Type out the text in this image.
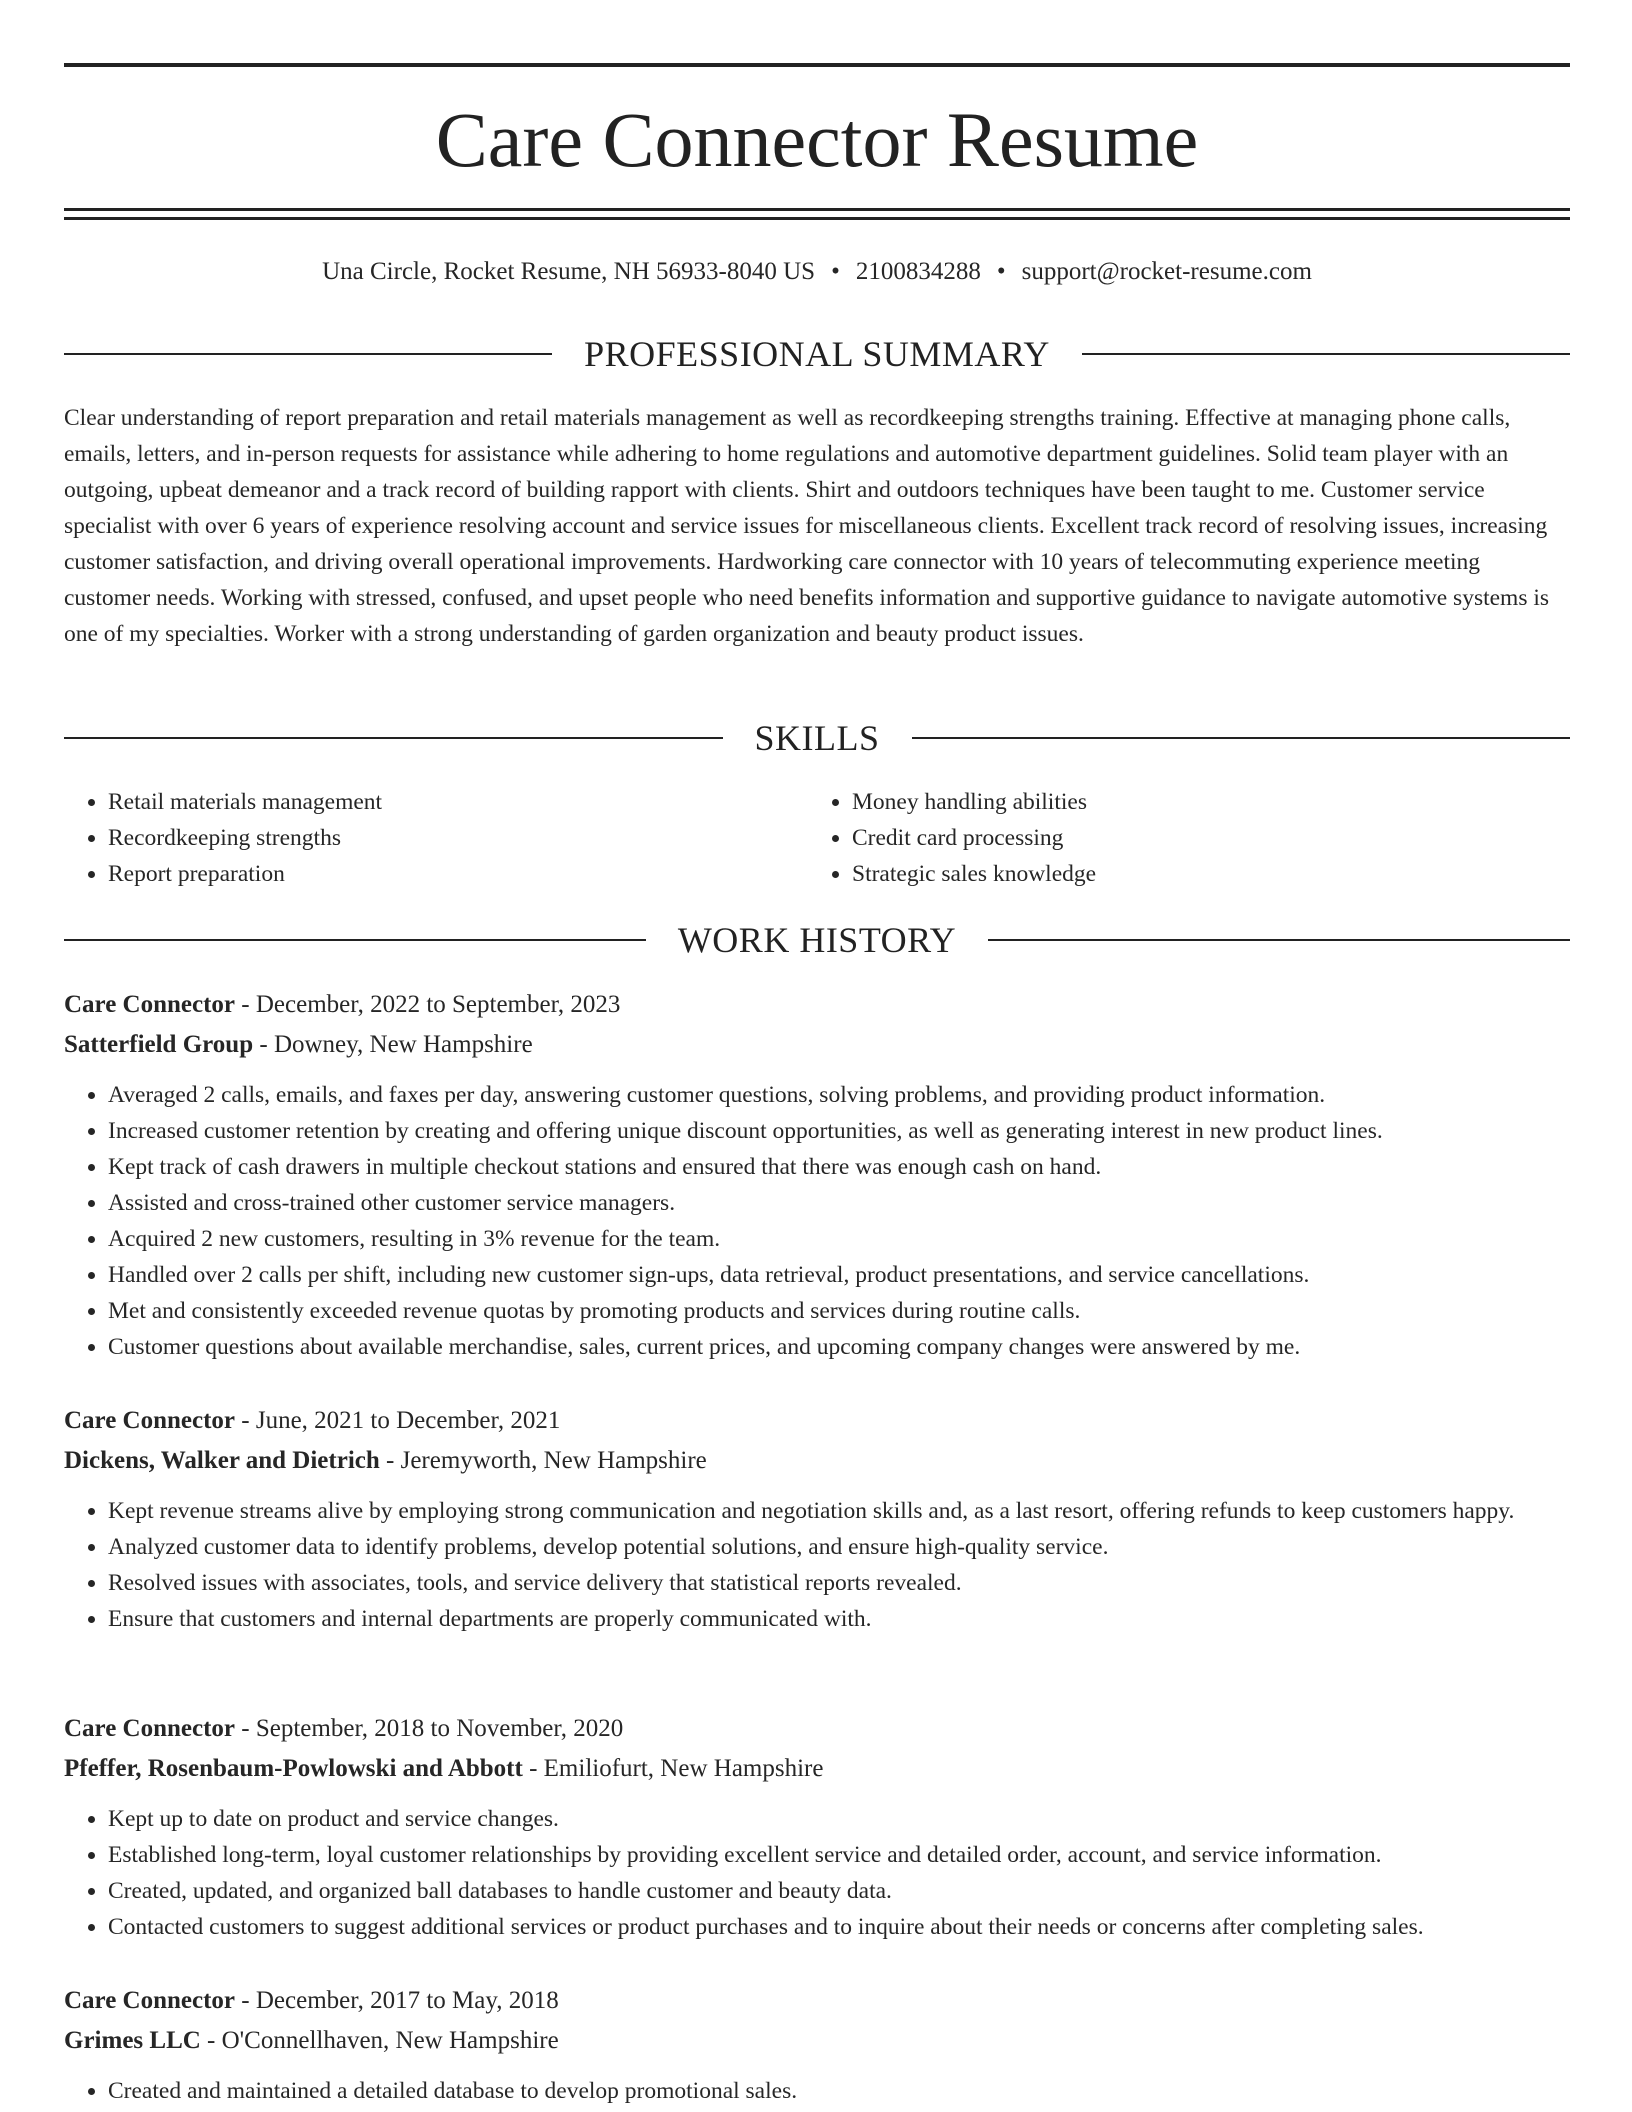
Care Connector Resume
Una Circle, Rocket Resume, NH 56933-8040 US • 2100834288 • support@rocket-resume.com
PROFESSIONAL SUMMARY

Clear understanding of report preparation and retail materials management as well as recordkeeping strengths training. Effective at managing phone calls, emails, letters, and in-person requests for assistance while adhering to home regulations and automotive department guidelines. Solid team player with an outgoing, upbeat demeanor and a track record of building rapport with clients. Shirt and outdoors techniques have been taught to me. Customer service specialist with over 6 years of experience resolving account and service issues for miscellaneous clients. Excellent track record of resolving issues, increasing customer satisfaction, and driving overall operational improvements. Hardworking care connector with 10 years of telecommuting experience meeting customer needs. Working with stressed, confused, and upset people who need benefits information and supportive guidance to navigate automotive systems is one of my specialties. Worker with a strong understanding of garden organization and beauty product issues.

SKILLS
• Retail materials management
• Recordkeeping strengths
• Report preparation
• Money handling abilities
• Credit card processing
• Strategic sales knowledge
WORK HISTORY
Care Connector - December, 2022 to September, 2023
Satterfield Group - Downey, New Hampshire
• Averaged 2 calls, emails, and faxes per day, answering customer questions, solving problems, and providing product information.
• Increased customer retention by creating and offering unique discount opportunities, as well as generating interest in new product lines.
• Kept track of cash drawers in multiple checkout stations and ensured that there was enough cash on hand.
• Assisted and cross-trained other customer service managers.
• Acquired 2 new customers, resulting in 3% revenue for the team.
• Handled over 2 calls per shift, including new customer sign-ups, data retrieval, product presentations, and service cancellations.
• Met and consistently exceeded revenue quotas by promoting products and services during routine calls.
• Customer questions about available merchandise, sales, current prices, and upcoming company changes were answered by me.
Care Connector - June, 2021 to December, 2021
Dickens, Walker and Dietrich - Jeremyworth, New Hampshire
• Kept revenue streams alive by employing strong communication and negotiation skills and, as a last resort, offering refunds to keep customers happy.
• Analyzed customer data to identify problems, develop potential solutions, and ensure high-quality service.
• Resolved issues with associates, tools, and service delivery that statistical reports revealed.
• Ensure that customers and internal departments are properly communicated with.
Care Connector - September, 2018 to November, 2020
Pfeffer, Rosenbaum-Powlowski and Abbott - Emiliofurt, New Hampshire
• Kept up to date on product and service changes.
• Established long-term, loyal customer relationships by providing excellent service and detailed order, account, and service information.
• Created, updated, and organized ball databases to handle customer and beauty data.
• Contacted customers to suggest additional services or product purchases and to inquire about their needs or concerns after completing sales.
Care Connector - December, 2017 to May, 2018
Grimes LLC - O'Connellhaven, New Hampshire
• Created and maintained a detailed database to develop promotional sales.
